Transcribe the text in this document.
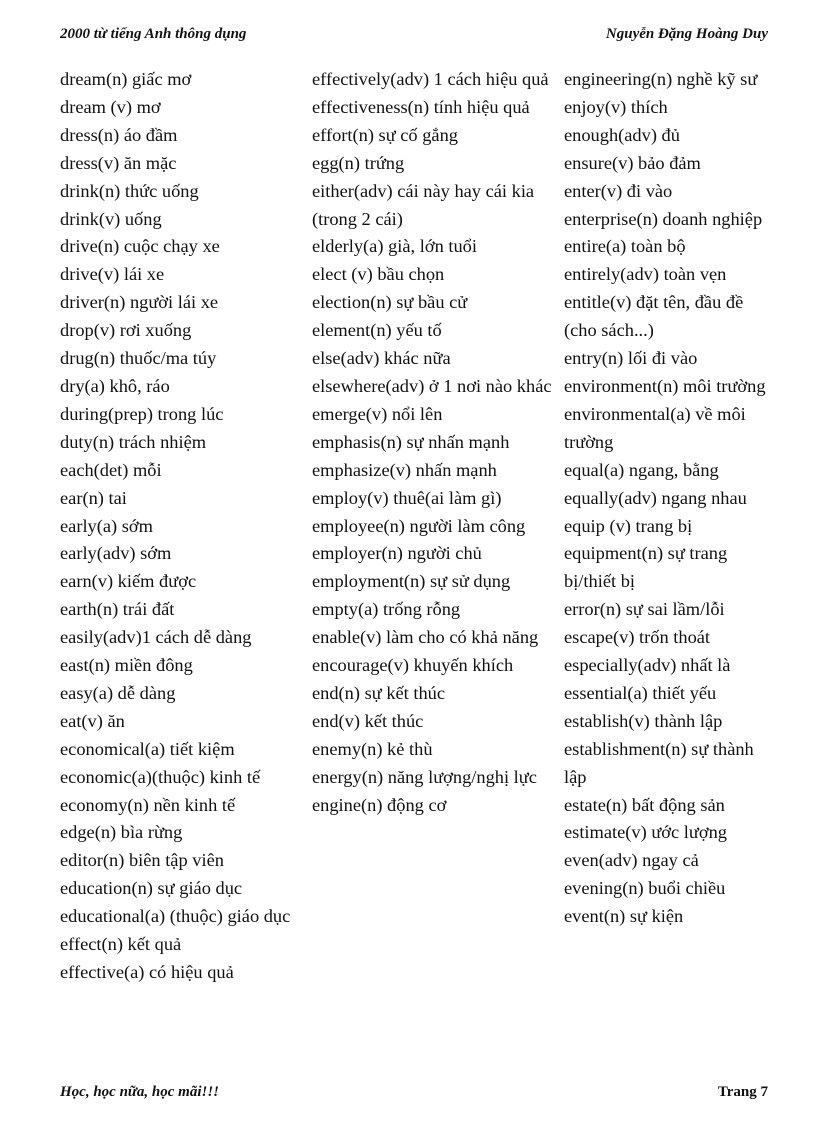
2000 từ tiếng Anh thông dụng	Nguyễn Đặng Hoàng Duy

dream(n) giấc mơ

dream (v) mơ

dress(n) áo đầm

dress(v) ăn mặc

drink(n) thức uống

drink(v) uống

drive(n) cuộc chạy xe

drive(v) lái xe

driver(n) người lái xe

drop(v) rơi xuống

drug(n) thuốc/ma túy

dry(a) khô, ráo

during(prep) trong lúc

duty(n) trách nhiệm

each(det) mỗi

ear(n) tai

early(a) sớm

early(adv) sớm

earn(v) kiếm được

earth(n) trái đất

easily(adv)1 cách dễ dàng

east(n) miền đông

easy(a) dễ dàng

eat(v) ăn

economical(a) tiết kiệm

economic(a)(thuộc) kinh tế

economy(n) nền kinh tế

edge(n) bìa rừng

editor(n) biên tập viên

education(n) sự giáo dục

educational(a) (thuộc) giáo dục

effect(n) kết quả

effective(a) có hiệu quả

effectively(adv) 1 cách hiệu quả

effectiveness(n) tính hiệu quả

effort(n) sự cố gắng

egg(n) trứng

either(adv) cái này hay cái kia (trong 2 cái)

elderly(a) già, lớn tuổi

elect (v) bầu chọn

election(n) sự bầu cử

element(n) yếu tố

else(adv) khác nữa

elsewhere(adv) ở 1 nơi nào khác

emerge(v) nổi lên

emphasis(n) sự nhấn mạnh

emphasize(v) nhấn mạnh

employ(v) thuê(ai làm gì)

employee(n) người làm công

employer(n) người chủ

employment(n) sự sử dụng

empty(a) trống rỗng

enable(v) làm cho có khả năng

encourage(v) khuyến khích

end(n) sự kết thúc

end(v) kết thúc

enemy(n) kẻ thù

energy(n) năng lượng/nghị lực

engine(n) động cơ

engineering(n) nghề kỹ sư

enjoy(v) thích

enough(adv) đủ

ensure(v) bảo đảm

enter(v) đi vào

enterprise(n) doanh nghiệp

entire(a) toàn bộ

entirely(adv) toàn vẹn

entitle(v) đặt tên, đầu đề (cho sách...)

entry(n) lối đi vào

environment(n) môi trường

environmental(a) về môi trường

equal(a) ngang, bằng

equally(adv) ngang nhau

equip (v) trang bị

equipment(n) sự trang bị/thiết bị

error(n) sự sai lầm/lỗi

escape(v) trốn thoát

especially(adv) nhất là

essential(a) thiết yếu

establish(v) thành lập

establishment(n) sự thành lập

estate(n) bất động sản

estimate(v) ước lượng

even(adv) ngay cả

evening(n) buổi chiều

event(n) sự kiện

Học, học nữa, học mãi!!!	Trang 7
